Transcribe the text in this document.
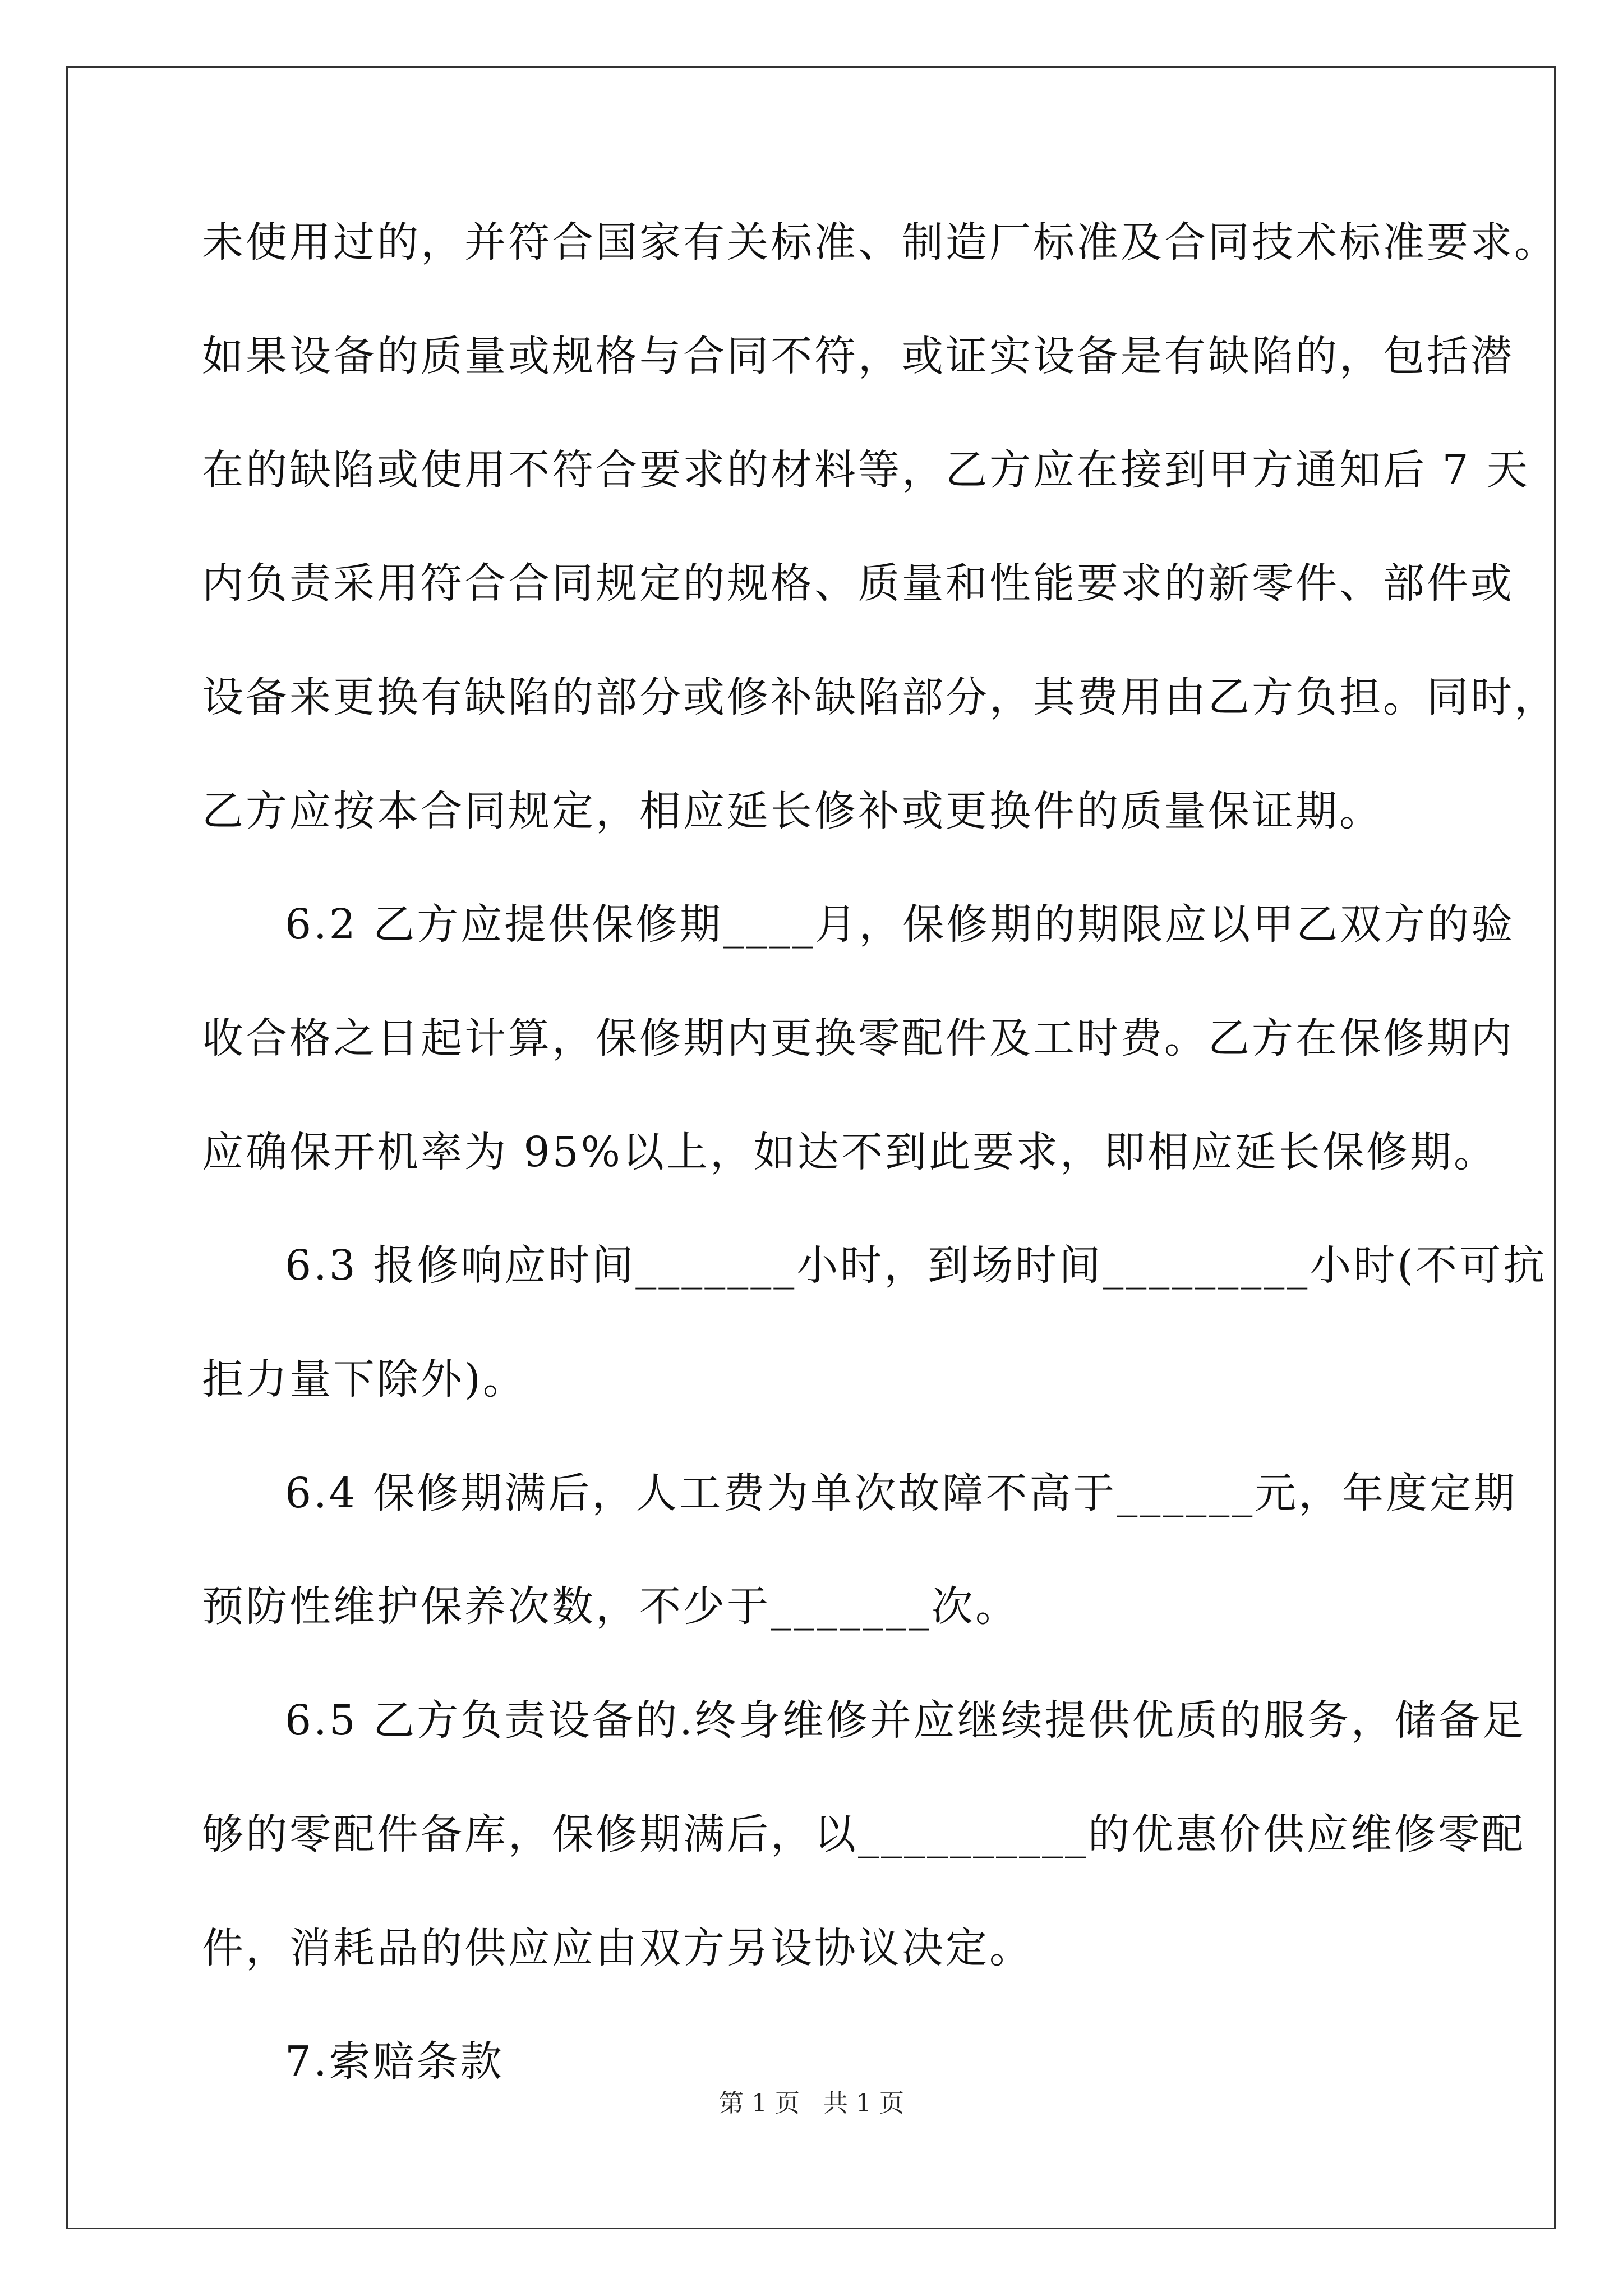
未使用过的，并符合国家有关标准、制造厂标准及合同技术标准要求。
如果设备的质量或规格与合同不符，或证实设备是有缺陷的，包括潜
在的缺陷或使用不符合要求的材料等，乙方应在接到甲方通知后 7 天
内负责采用符合合同规定的规格、质量和性能要求的新零件、部件或
设备来更换有缺陷的部分或修补缺陷部分，其费用由乙方负担。同时，
乙方应按本合同规定，相应延长修补或更换件的质量保证期。
6.2 乙方应提供保修期____月，保修期的期限应以甲乙双方的验
收合格之日起计算，保修期内更换零配件及工时费。乙方在保修期内
应确保开机率为 95%以上，如达不到此要求，即相应延长保修期。
6.3 报修响应时间_______小时，到场时间_________小时(不可抗
拒力量下除外)。
6.4 保修期满后，人工费为单次故障不高于______元，年度定期
预防性维护保养次数，不少于_______次。
6.5 乙方负责设备的.终身维修并应继续提供优质的服务，储备足
够的零配件备库，保修期满后，以__________的优惠价供应维修零配
件，消耗品的供应应由双方另设协议决定。
7.索赔条款
第 1 页   共 1 页
